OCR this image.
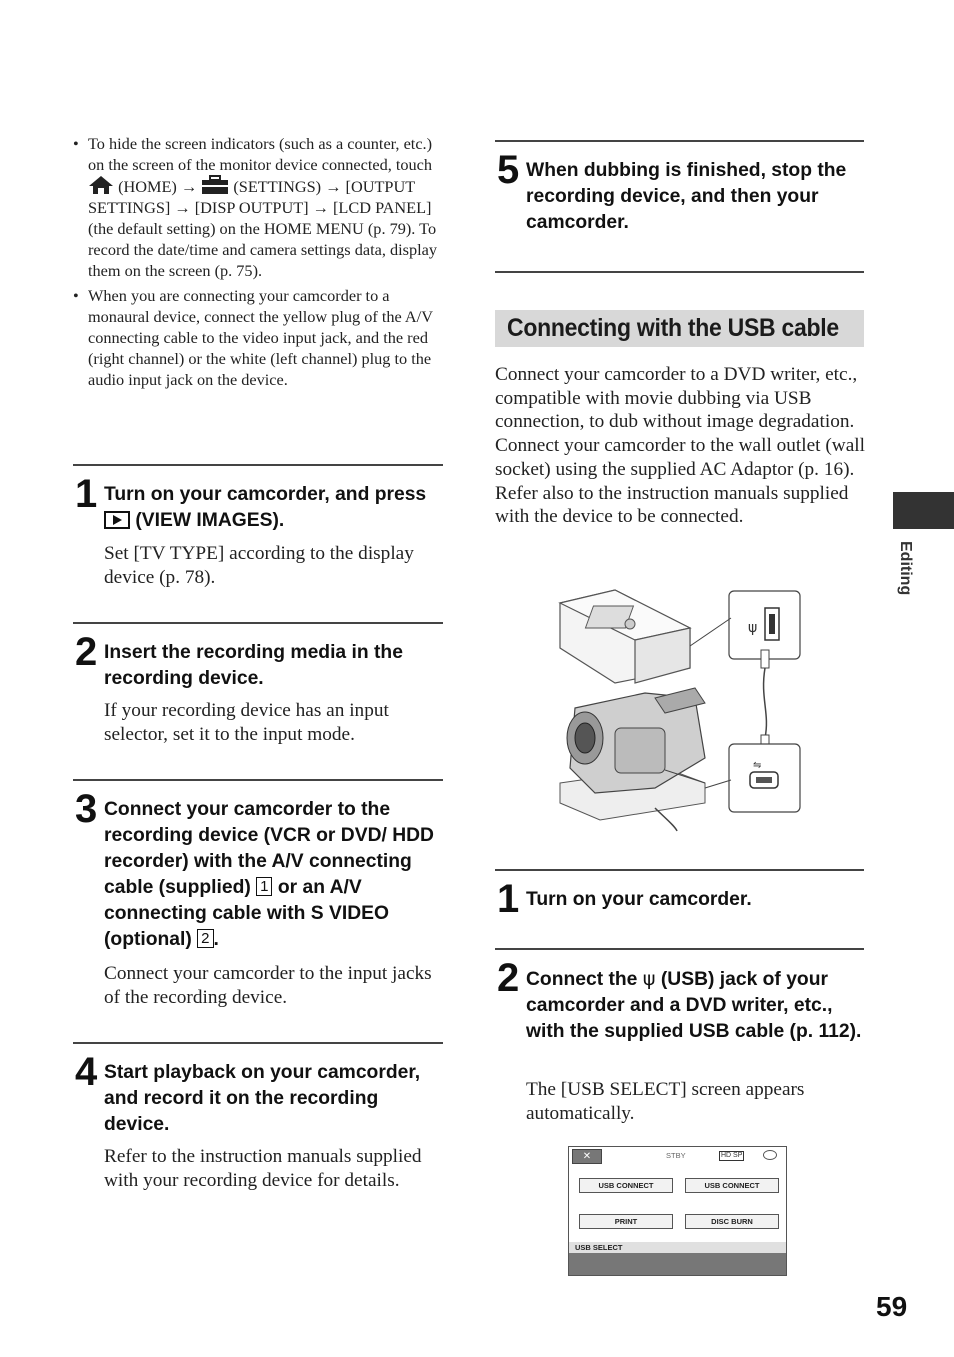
• To hide the screen indicators (such as a counter, etc.) on the screen of the monitor device connected, touch  (HOME) → (SETTINGS) → [OUTPUT SETTINGS] → [DISP OUTPUT] → [LCD PANEL] (the default setting) on the HOME MENU (p. 79). To record the date/time and camera settings data, display them on the screen (p. 75).
• When you are connecting your camcorder to a monaural device, connect the yellow plug of the A/V connecting cable to the video input jack, and the red (right channel) or the white (left channel) plug to the audio input jack on the device.
1 Turn on your camcorder, and press  (VIEW IMAGES).
Set [TV TYPE] according to the display device (p. 78).
2 Insert the recording media in the recording device.
If your recording device has an input selector, set it to the input mode.
3 Connect your camcorder to the recording device (VCR or DVD/ HDD recorder) with the A/V connecting cable (supplied) 1 or an A/V connecting cable with S VIDEO (optional) 2 .
Connect your camcorder to the input jacks of the recording device.
4 Start playback on your camcorder, and record it on the recording device.
Refer to the instruction manuals supplied with your recording device for details.
5 When dubbing is finished, stop the recording device, and then your camcorder.
Connecting with the USB cable
Connect your camcorder to a DVD writer, etc., compatible with movie dubbing via USB connection, to dub without image degradation. Connect your camcorder to the wall outlet (wall socket) using the supplied AC Adaptor (p. 16). Refer also to the instruction manuals supplied with the device to be connected.
ψ
⇋
1 Turn on your camcorder.
2 Connect the ψ (USB) jack of your camcorder and a DVD writer, etc., with the supplied USB cable (p. 112).
The [USB SELECT] screen appears automatically.
✕	STBY	HD SP
USB CONNECT	USB CONNECT
PRINT	DISC BURN
USB SELECT
Editing
59
